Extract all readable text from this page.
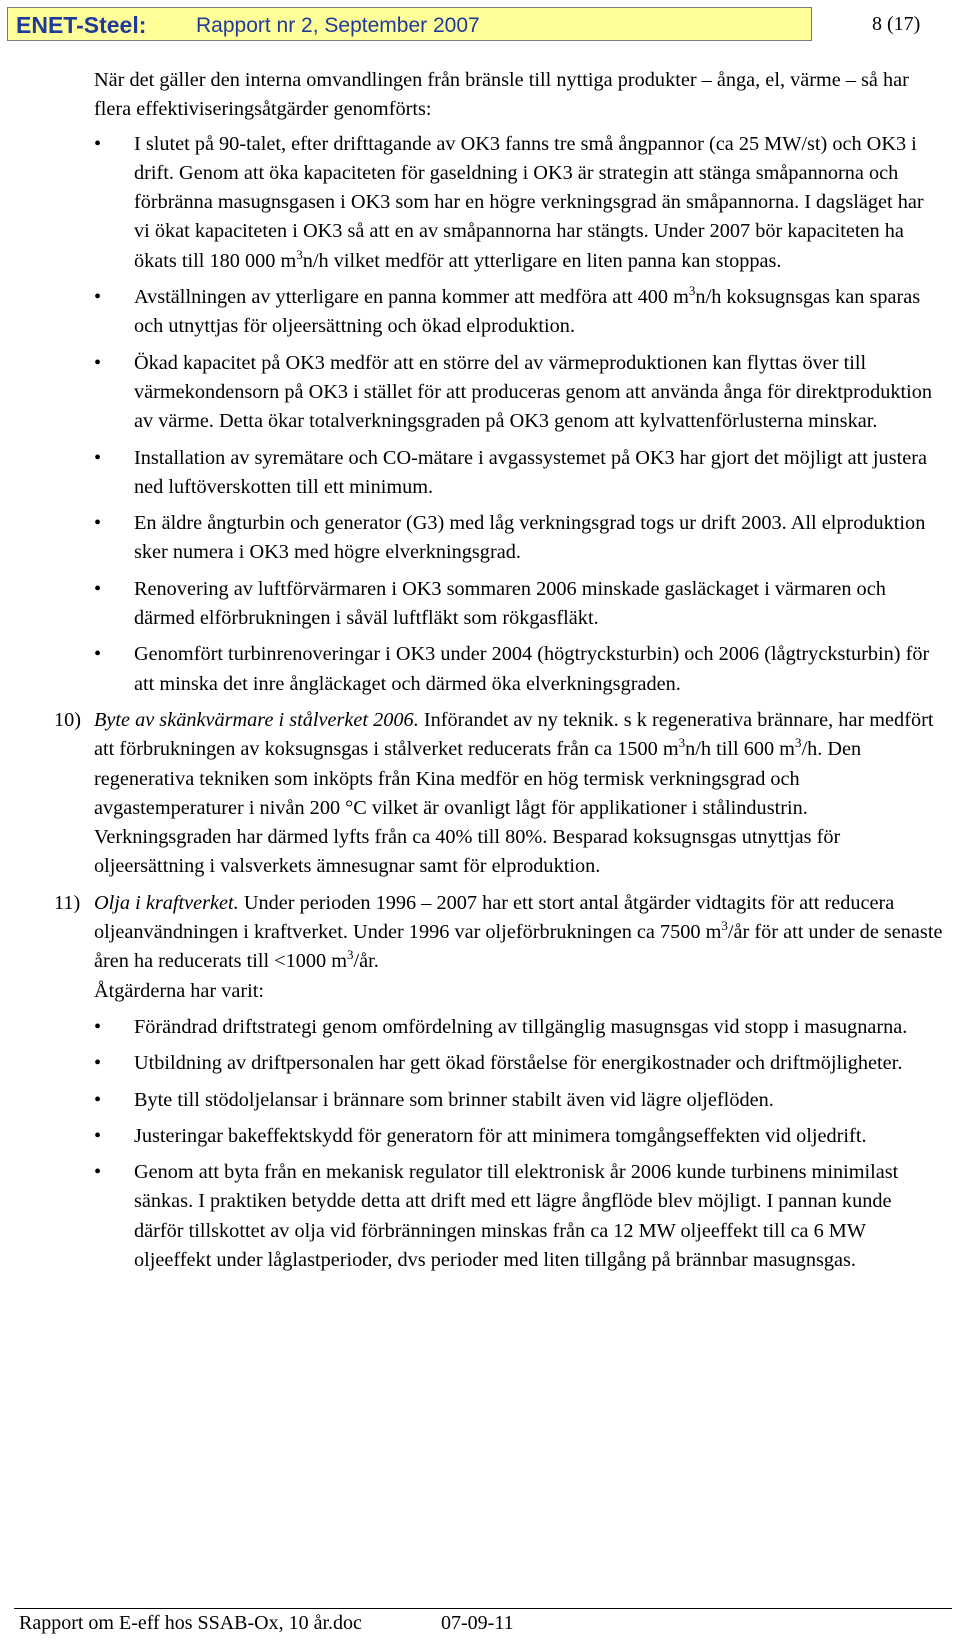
ENET-Steel: Rapport nr 2, September 2007	8 (17)

När det gäller den interna omvandlingen från bränsle till nyttiga produkter – ånga, el, värme – så har flera effektiviseringsåtgärder genomförts:

• I slutet på 90-talet, efter drifttagande av OK3 fanns tre små ångpannor (ca 25 MW/st) och OK3 i drift. Genom att öka kapaciteten för gaseldning i OK3 är strategin att stänga småpannorna och förbränna masugnsgasen i OK3 som har en högre verkningsgrad än småpannorna. I dagsläget har vi ökat kapaciteten i OK3 så att en av småpannorna har stängts. Under 2007 bör kapaciteten ha ökats till 180 000 $m^3n/h$ vilket medför att ytterligare en liten panna kan stoppas.
• Avställningen av ytterligare en panna kommer att medföra att 400 $m^3n/h$ koksugnsgas kan sparas och utnyttjas för oljeersättning och ökad elproduktion.
• Ökad kapacitet på OK3 medför att en större del av värmeproduktionen kan flyttas över till värmekondensorn på OK3 i stället för att produceras genom att använda ånga för direktproduktion av värme. Detta ökar totalverkningsgraden på OK3 genom att kylvattenförlusterna minskar.
• Installation av syremätare och CO-mätare i avgassystemet på OK3 har gjort det möjligt att justera ned luftöverskotten till ett minimum.
• En äldre ångturbin och generator (G3) med låg verkningsgrad togs ur drift 2003. All elproduktion sker numera i OK3 med högre elverkningsgrad.
• Renovering av luftförvärmaren i OK3 sommaren 2006 minskade gasläckaget i värmaren och därmed elförbrukningen i såväl luftfläkt som rökgasfläkt.
• Genomfört turbinrenoveringar i OK3 under 2004 (högtrycksturbin) och 2006 (lågtrycksturbin) för att minska det inre ångläckaget och därmed öka elverkningsgraden.
10) Byte av skänkvärmare i stålverket 2006. Införandet av ny teknik. s k regenerativa brännare, har medfört att förbrukningen av koksugnsgas i stålverket reducerats från ca 1500 $m^3n/h$ till 600 $m^3/h$. Den regenerativa tekniken som inköpts från Kina medför en hög termisk verkningsgrad och avgastemperaturer i nivån 200 °C vilket är ovanligt lågt för applikationer i stålindustrin. Verkningsgraden har därmed lyfts från ca 40% till 80%. Besparad koksugnsgas utnyttjas för oljeersättning i valsverkets ämnesugnar samt för elproduktion.
11) Olja i kraftverket. Under perioden 1996 – 2007 har ett stort antal åtgärder vidtagits för att reducera oljeanvändningen i kraftverket. Under 1996 var oljeförbrukningen ca 7500 $m^3/år$ för att under de senaste åren ha reducerats till <1000 $m^3/år$.
Åtgärderna har varit:
• Förändrad driftstrategi genom omfördelning av tillgänglig masugnsgas vid stopp i masugnarna.
• Utbildning av driftpersonalen har gett ökad förståelse för energikostnader och driftmöjligheter.
• Byte till stödoljelansar i brännare som brinner stabilt även vid lägre oljeflöden.
• Justeringar bakeffektskydd för generatorn för att minimera tomgångseffekten vid oljedrift.
• Genom att byta från en mekanisk regulator till elektronisk år 2006 kunde turbinens minimilast sänkas. I praktiken betydde detta att drift med ett lägre ångflöde blev möjligt. I pannan kunde därför tillskottet av olja vid förbränningen minskas från ca 12 MW oljeeffekt till ca 6 MW oljeeffekt under låglastperioder, dvs perioder med liten tillgång på brännbar masugnsgas.
Rapport om E-eff hos SSAB-Ox, 10 år.doc	07-09-11
